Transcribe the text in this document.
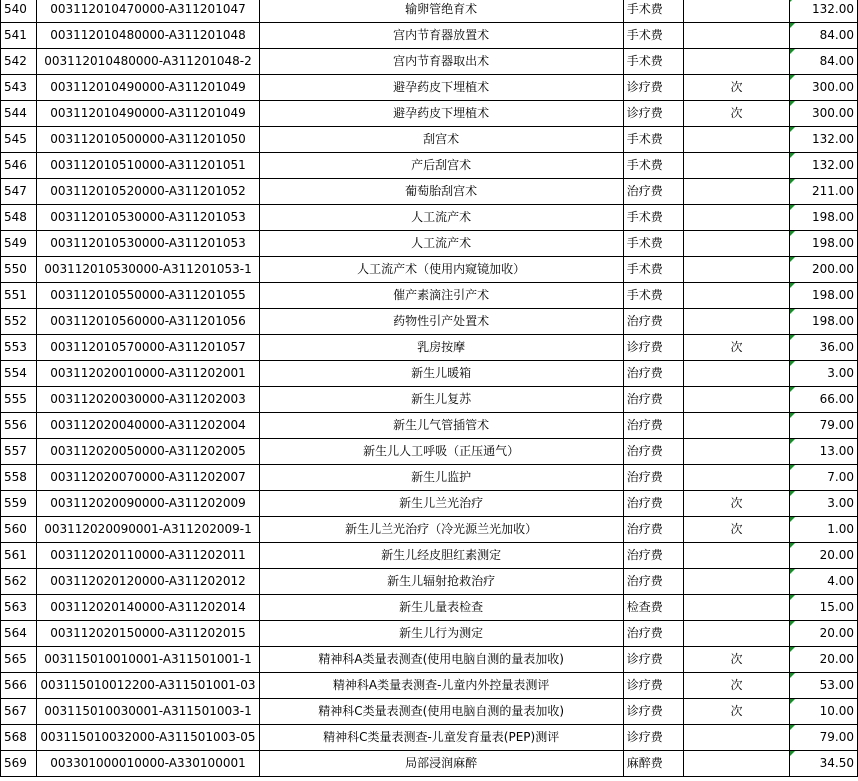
540	003112010470000-A311201047	输卵管绝育术	手术费		132.00
541	003112010480000-A311201048	宫内节育器放置术	手术费		84.00
542	003112010480000-A311201048-2	宫内节育器取出术	手术费		84.00
543	003112010490000-A311201049	避孕药皮下埋植术	诊疗费	次	300.00
544	003112010490000-A311201049	避孕药皮下埋植术	诊疗费	次	300.00
545	003112010500000-A311201050	刮宫术	手术费		132.00
546	003112010510000-A311201051	产后刮宫术	手术费		132.00
547	003112010520000-A311201052	葡萄胎刮宫术	治疗费		211.00
548	003112010530000-A311201053	人工流产术	手术费		198.00
549	003112010530000-A311201053	人工流产术	手术费		198.00
550	003112010530000-A311201053-1	人工流产术（使用内窥镜加收）	手术费		200.00
551	003112010550000-A311201055	催产素滴注引产术	手术费		198.00
552	003112010560000-A311201056	药物性引产处置术	治疗费		198.00
553	003112010570000-A311201057	乳房按摩	诊疗费	次	36.00
554	003112020010000-A311202001	新生儿暖箱	治疗费		3.00
555	003112020030000-A311202003	新生儿复苏	治疗费		66.00
556	003112020040000-A311202004	新生儿气管插管术	治疗费		79.00
557	003112020050000-A311202005	新生儿人工呼吸（正压通气）	治疗费		13.00
558	003112020070000-A311202007	新生儿监护	治疗费		7.00
559	003112020090000-A311202009	新生儿兰光治疗	治疗费	次	3.00
560	003112020090001-A311202009-1	新生儿兰光治疗（冷光源兰光加收）	治疗费	次	1.00
561	003112020110000-A311202011	新生儿经皮胆红素测定	治疗费		20.00
562	003112020120000-A311202012	新生儿辐射抢救治疗	治疗费		4.00
563	003112020140000-A311202014	新生儿量表检查	检查费		15.00
564	003112020150000-A311202015	新生儿行为测定	治疗费		20.00
565	003115010010001-A311501001-1	精神科A类量表测查(使用电脑自测的量表加收)	诊疗费	次	20.00
566	003115010012200-A311501001-03	精神科A类量表测查-儿童内外控量表测评	诊疗费	次	53.00
567	003115010030001-A311501003-1	精神科C类量表测查(使用电脑自测的量表加收)	诊疗费	次	10.00
568	003115010032000-A311501003-05	精神科C类量表测查-儿童发育量表(PEP)测评	诊疗费		79.00
569	003301000010000-A330100001	局部浸润麻醉	麻醉费		34.50
